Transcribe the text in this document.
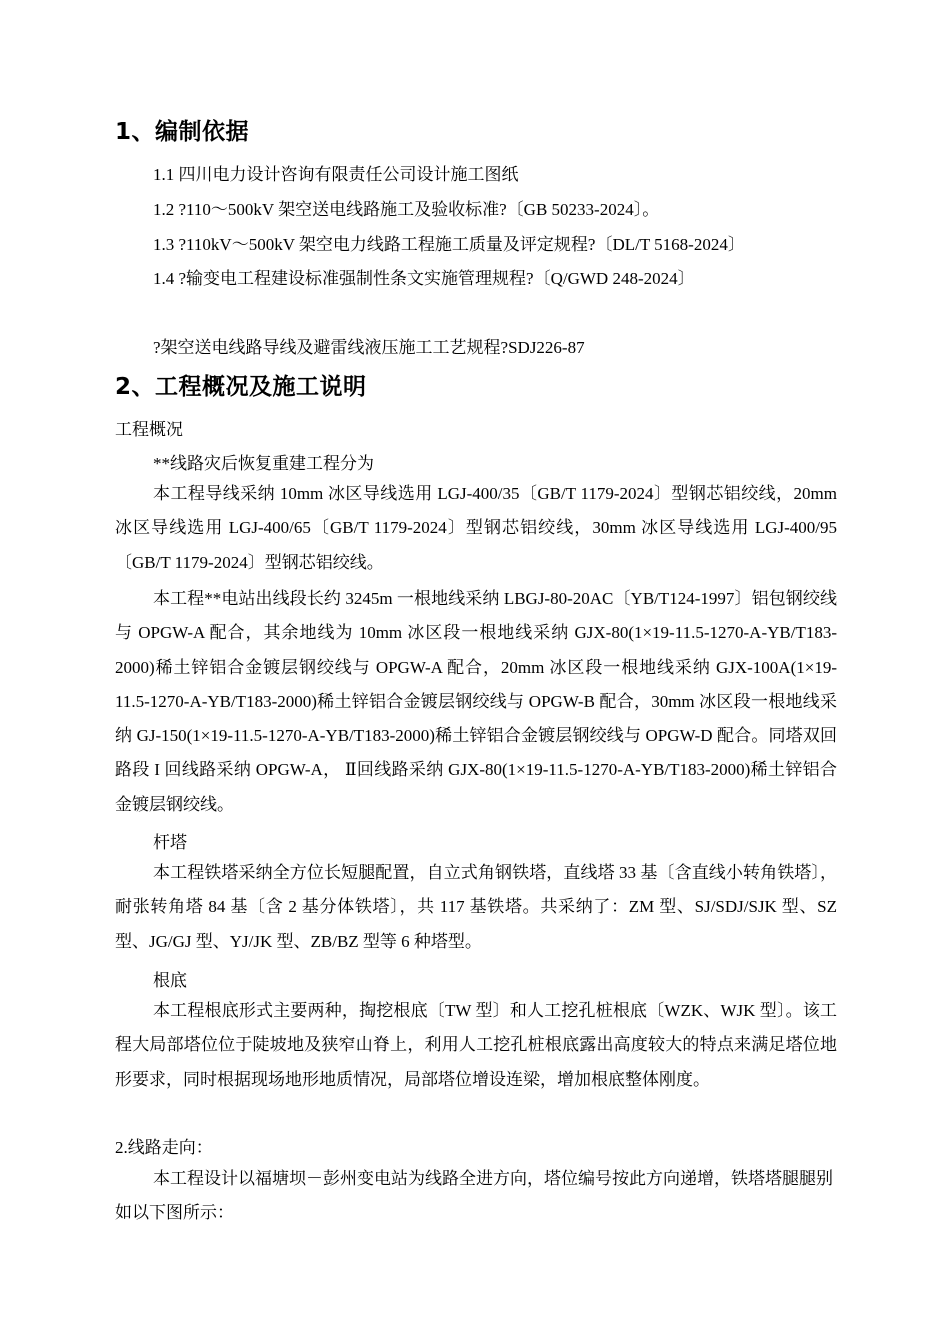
1、编制依据
1.1 四川电力设计咨询有限责任公司设计施工图纸
1.2 ?110～500kV 架空送电线路施工及验收标准?〔GB 50233-2024〕。
1.3 ?110kV～500kV 架空电力线路工程施工质量及评定规程?〔DL/T 5168-2024〕
1.4 ?输变电工程建设标准强制性条文实施管理规程?〔Q/GWD 248-2024〕
?架空送电线路导线及避雷线液压施工工艺规程?SDJ226-87
2、工程概况及施工说明
工程概况
**线路灾后恢复重建工程分为
本工程导线采纳 10mm 冰区导线选用 LGJ-400/35〔GB/T 1179-2024〕型钢芯铝绞线，20mm 冰区导线选用 LGJ-400/65〔GB/T 1179-2024〕型钢芯铝绞线，30mm 冰区导线选用 LGJ-400/95〔GB/T 1179-2024〕型钢芯铝绞线。
本工程**电站出线段长约 3245m 一根地线采纳 LBGJ-80-20AC〔YB/T124-1997〕铝包钢绞线与 OPGW-A 配合，其余地线为 10mm 冰区段一根地线采纳 GJX-80(1×19-11.5-1270-A-YB/T183-2000)稀土锌铝合金镀层钢绞线与 OPGW-A 配合，20mm 冰区段一根地线采纳 GJX-100A(1×19-11.5-1270-A-YB/T183-2000)稀土锌铝合金镀层钢绞线与 OPGW-B 配合，30mm 冰区段一根地线采纳 GJ-150(1×19-11.5-1270-A-YB/T183-2000)稀土锌铝合金镀层钢绞线与 OPGW-D 配合。同塔双回路段 I 回线路采纳 OPGW-A， Ⅱ回线路采纳 GJX-80(1×19-11.5-1270-A-YB/T183-2000)稀土锌铝合金镀层钢绞线。
杆塔
本工程铁塔采纳全方位长短腿配置，自立式角钢铁塔，直线塔 33 基〔含直线小转角铁塔〕，耐张转角塔 84 基〔含 2 基分体铁塔〕，共 117 基铁塔。共采纳了：ZM 型、SJ/SDJ/SJK 型、SZ 型、JG/GJ 型、YJ/JK 型、ZB/BZ 型等 6 种塔型。
根底
本工程根底形式主要两种，掏挖根底〔TW 型〕和人工挖孔桩根底〔WZK、WJK 型〕。该工程大局部塔位位于陡坡地及狭窄山脊上，利用人工挖孔桩根底露出高度较大的特点来满足塔位地形要求，同时根据现场地形地质情况，局部塔位增设连梁，增加根底整体刚度。
2.线路走向：
本工程设计以福塘坝－彭州变电站为线路全进方向，塔位编号按此方向递增，铁塔塔腿腿别如以下图所示：
